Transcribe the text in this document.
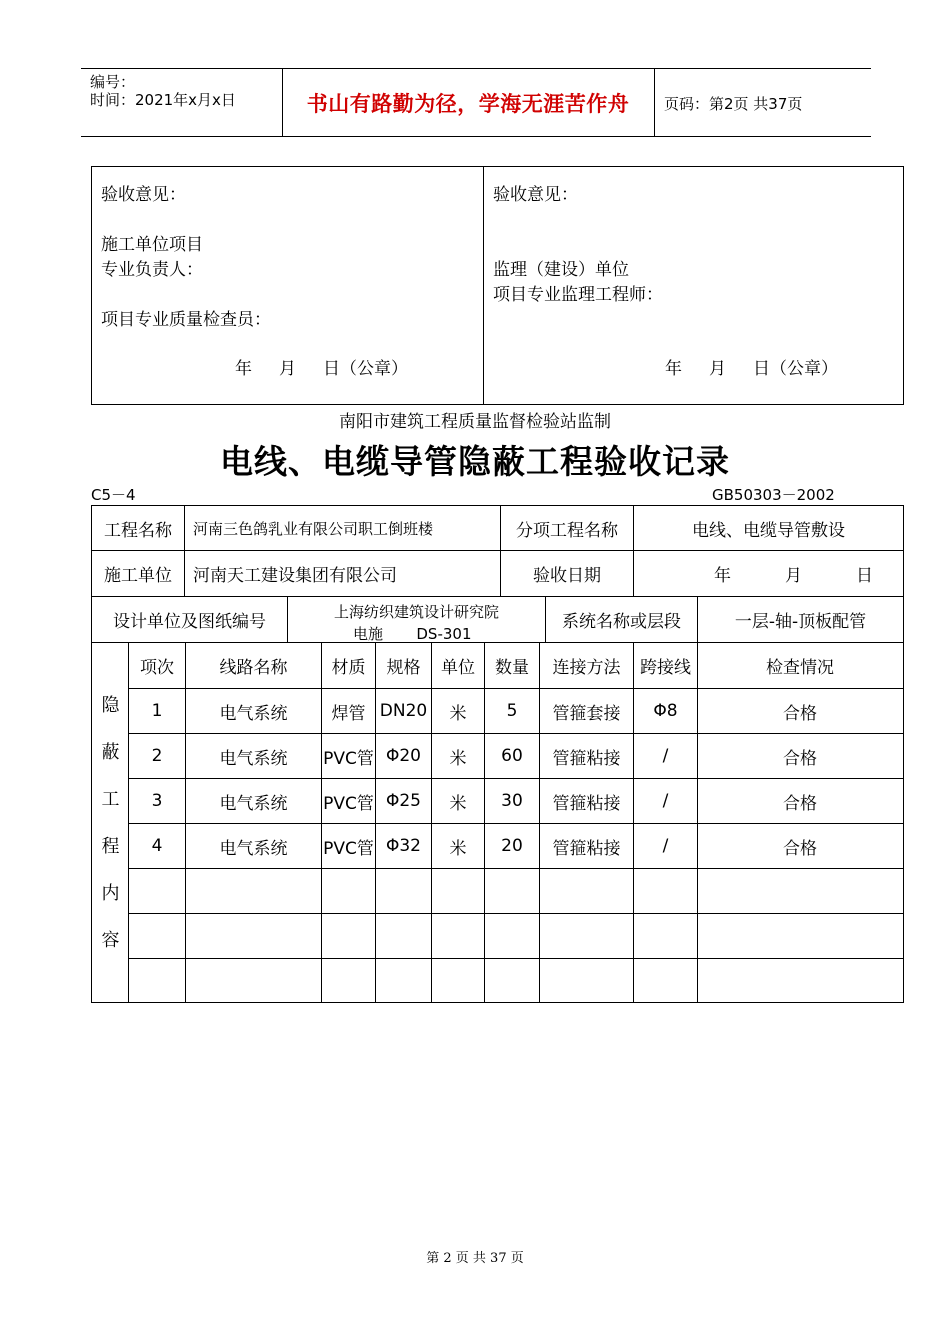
编号：
时间：2021年x月x日	书山有路勤为径，学海无涯苦作舟	页码：第2页 共37页
验收意见：
施工单位项目
专业负责人：
项目专业质量检查员：
年     月     日（公章）
验收意见：
监理（建设）单位
项目专业监理工程师：
年     月     日（公章）
南阳市建筑工程质量监督检验站监制
电线、电缆导管隐蔽工程验收记录
C5－4	GB50303－2002
工程名称	河南三色鸽乳业有限公司职工倒班楼	分项工程名称	电线、电缆导管敷设
施工单位	河南天工建设集团有限公司	验收日期	年          月          日
设计单位及图纸编号	上海纺织建筑设计研究院
电施       DS-301
系统名称或层段	一层-轴-顶板配管
隐
蔽
工
程
内
容
项次	线路名称	材质	规格	单位	数量	连接方法	跨接线	检查情况
1	电气系统	焊管 DN20	米	5	管箍套接	Φ8	合格
2	电气系统	PVC管 Φ20	米	60	管箍粘接	/	合格
3	电气系统	PVC管 Φ25	米	30	管箍粘接	/	合格
4	电气系统	PVC管 Φ32	米	20	管箍粘接	/	合格
第 2 页 共 37 页
